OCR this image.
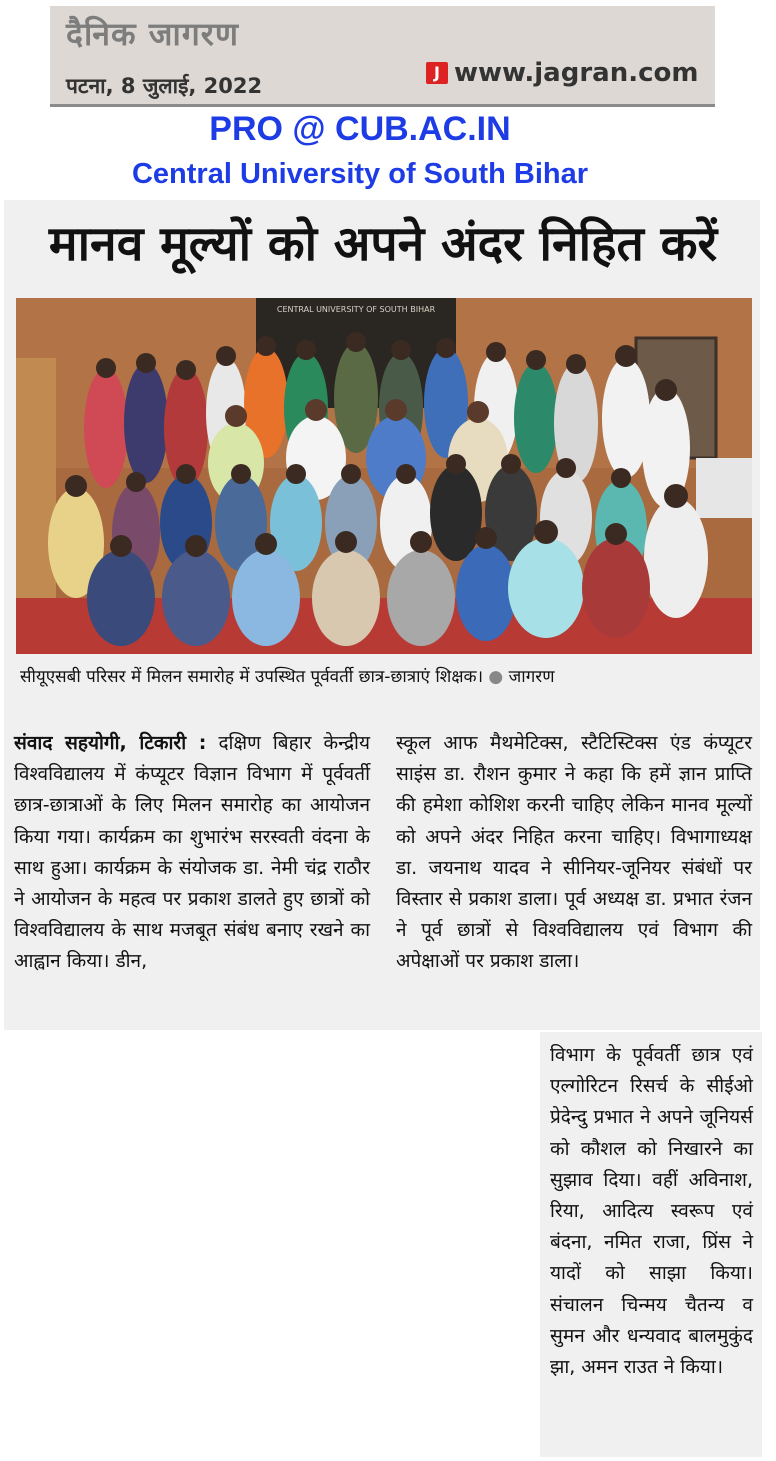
दैनिक जागरण
पटना, 8 जुलाई, 2022
J www.jagran.com
PRO @ CUB.AC.IN
Central University of South Bihar
मानव मूल्यों को अपने अंदर निहित करें
CENTRAL UNIVERSITY OF SOUTH BIHAR
सीयूएसबी परिसर में मिलन समारोह में उपस्थित पूर्ववर्ती छात्र-छात्राएं शिक्षक। ● जागरण
संवाद सहयोगी, टिकारी : दक्षिण बिहार केन्द्रीय विश्वविद्यालय में कंप्यूटर विज्ञान विभाग में पूर्ववर्ती छात्र-छात्राओं के लिए मिलन समारोह का आयोजन किया गया। कार्यक्रम का शुभारंभ सरस्वती वंदना के साथ हुआ। कार्यक्रम के संयोजक डा. नेमी चंद्र राठौर ने आयोजन के महत्व पर प्रकाश डालते हुए छात्रों को विश्वविद्यालय के साथ मजबूत संबंध बनाए रखने का आह्वान किया। डीन,
स्कूल आफ मैथमेटिक्स, स्टैटिस्टिक्स एंड कंप्यूटर साइंस डा. रौशन कुमार ने कहा कि हमें ज्ञान प्राप्ति की हमेशा कोशिश करनी चाहिए लेकिन मानव मूल्यों को अपने अंदर निहित करना चाहिए। विभागाध्यक्ष डा. जयनाथ यादव ने सीनियर-जूनियर संबंधों पर विस्तार से प्रकाश डाला। पूर्व अध्यक्ष डा. प्रभात रंजन ने पूर्व छात्रों से विश्वविद्यालय एवं विभाग की अपेक्षाओं पर प्रकाश डाला।
विभाग के पूर्ववर्ती छात्र एवं एल्गोरिटन रिसर्च के सीईओ प्रेदेन्दु प्रभात ने अपने जूनियर्स को कौशल को निखारने का सुझाव दिया। वहीं अविनाश, रिया, आदित्य स्वरूप एवं बंदना, नमित राजा, प्रिंस ने यादों को साझा किया। संचालन चिन्मय चैतन्य व सुमन और धन्यवाद बालमुकुंद झा, अमन राउत ने किया।
